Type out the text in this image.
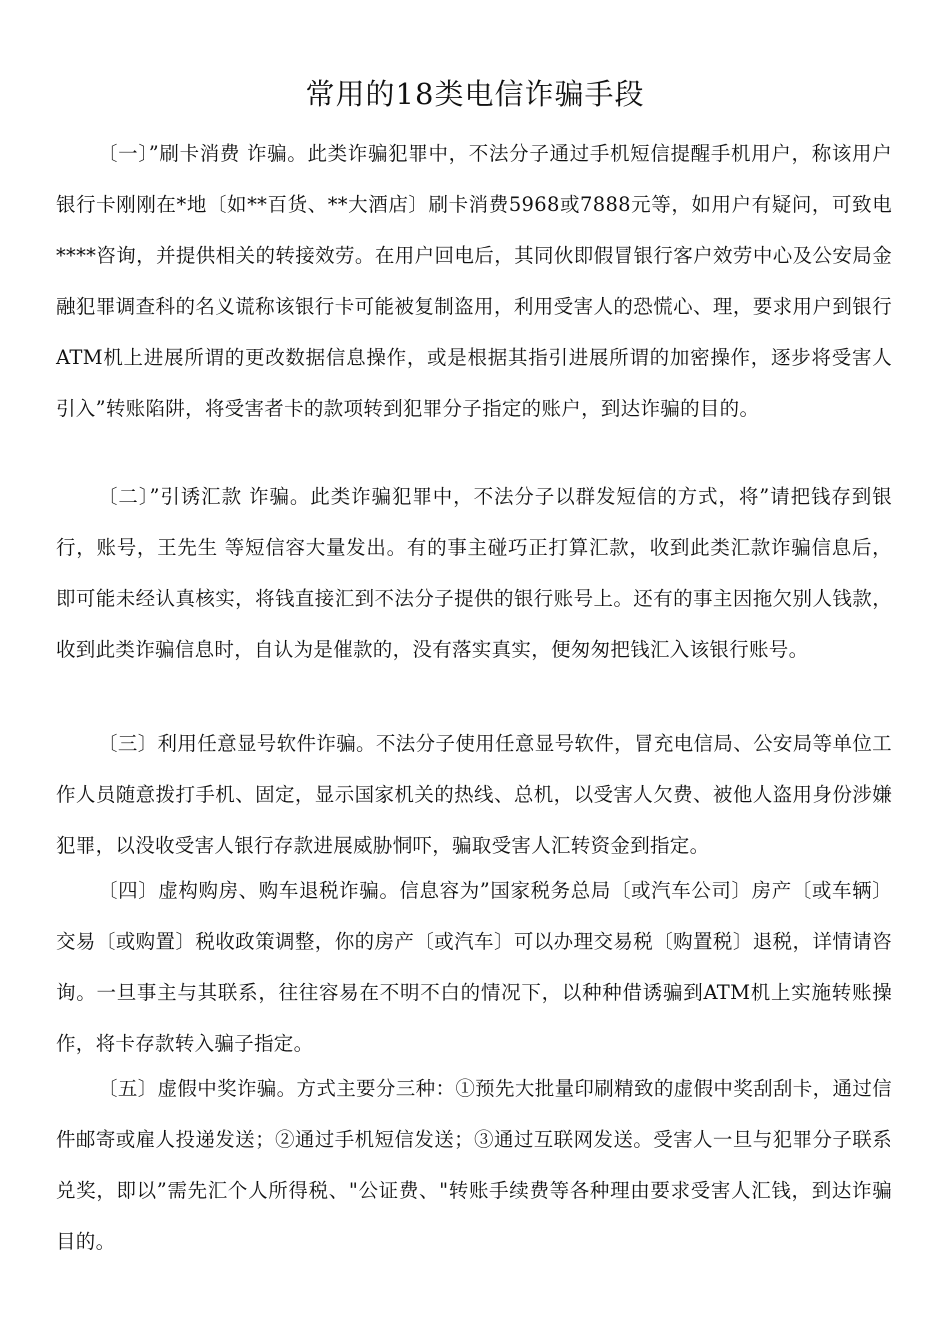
常用的18类电信诈骗手段

〔一〕”刷卡消费 诈骗。此类诈骗犯罪中，不法分子通过手机短信提醒手机用户，称该用户银行卡刚刚在*地〔如**百货、**大酒店〕刷卡消费5968或7888元等，如用户有疑问，可致电****咨询，并提供相关的转接效劳。在用户回电后，其同伙即假冒银行客户效劳中心及公安局金融犯罪调查科的名义谎称该银行卡可能被复制盗用，利用受害人的恐慌心、理，要求用户到银行ATM机上进展所谓的更改数据信息操作，或是根据其指引进展所谓的加密操作，逐步将受害人引入”转账陷阱，将受害者卡的款项转到犯罪分子指定的账户，到达诈骗的目的。

〔二〕”引诱汇款 诈骗。此类诈骗犯罪中，不法分子以群发短信的方式，将”请把钱存到银行，账号，王先生 等短信容大量发出。有的事主碰巧正打算汇款，收到此类汇款诈骗信息后，即可能未经认真核实，将钱直接汇到不法分子提供的银行账号上。还有的事主因拖欠别人钱款，收到此类诈骗信息时，自认为是催款的，没有落实真实，便匆匆把钱汇入该银行账号。

〔三〕利用任意显号软件诈骗。不法分子使用任意显号软件，冒充电信局、公安局等单位工作人员随意拨打手机、固定，显示国家机关的热线、总机，以受害人欠费、被他人盗用身份涉嫌犯罪，以没收受害人银行存款进展威胁恫吓，骗取受害人汇转资金到指定。

〔四〕虚构购房、购车退税诈骗。信息容为”国家税务总局〔或汽车公司〕房产〔或车辆〕交易〔或购置〕税收政策调整，你的房产〔或汽车〕可以办理交易税〔购置税〕退税，详情请咨询。一旦事主与其联系，往往容易在不明不白的情况下，以种种借诱骗到ATM机上实施转账操作，将卡存款转入骗子指定。

〔五〕虚假中奖诈骗。方式主要分三种：①预先大批量印刷精致的虚假中奖刮刮卡，通过信件邮寄或雇人投递发送；②通过手机短信发送；③通过互联网发送。受害人一旦与犯罪分子联系兑奖，即以”需先汇个人所得税、"公证费、"转账手续费等各种理由要求受害人汇钱，到达诈骗目的。
